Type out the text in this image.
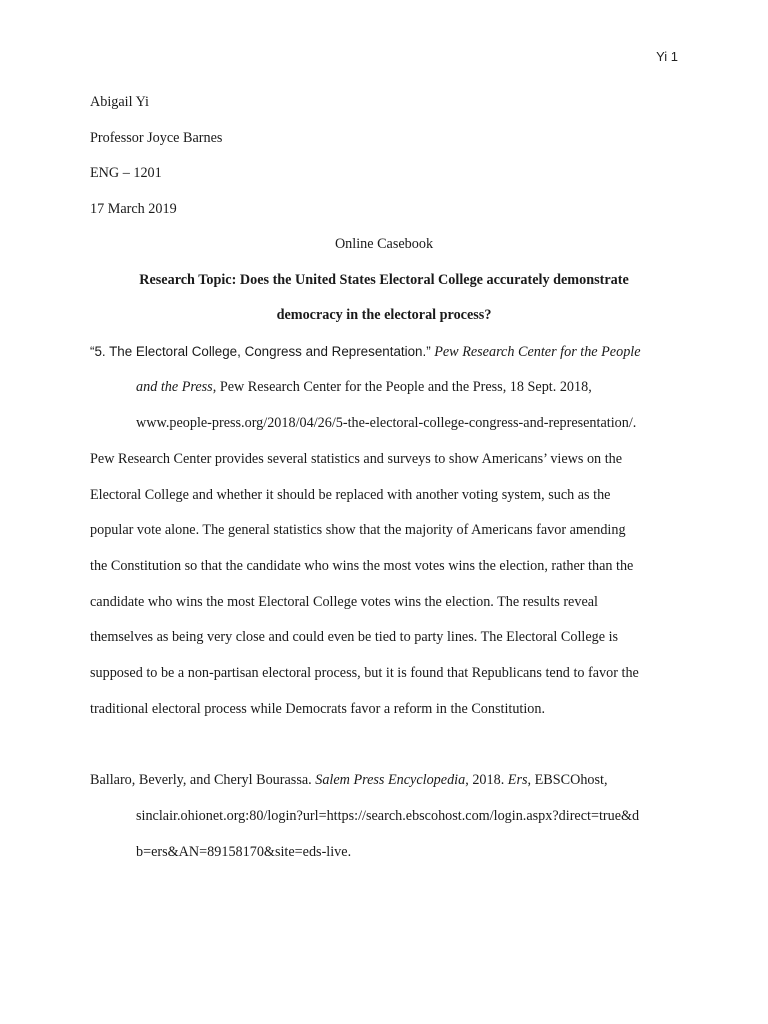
Yi 1
Abigail Yi
Professor Joyce Barnes
ENG – 1201
17 March 2019
Online Casebook
Research Topic: Does the United States Electoral College accurately demonstrate
democracy in the electoral process?
“5. The Electoral College, Congress and Representation.” Pew Research Center for the People
and the Press, Pew Research Center for the People and the Press, 18 Sept. 2018,
www.people-press.org/2018/04/26/5-the-electoral-college-congress-and-representation/.
Pew Research Center provides several statistics and surveys to show Americans’ views on the
Electoral College and whether it should be replaced with another voting system, such as the
popular vote alone. The general statistics show that the majority of Americans favor amending
the Constitution so that the candidate who wins the most votes wins the election, rather than the
candidate who wins the most Electoral College votes wins the election. The results reveal
themselves as being very close and could even be tied to party lines. The Electoral College is
supposed to be a non-partisan electoral process, but it is found that Republicans tend to favor the
traditional electoral process while Democrats favor a reform in the Constitution.
Ballaro, Beverly, and Cheryl Bourassa. Salem Press Encyclopedia, 2018. Ers, EBSCOhost,
sinclair.ohionet.org:80/login?url=https://search.ebscohost.com/login.aspx?direct=true&d
b=ers&AN=89158170&site=eds-live.
